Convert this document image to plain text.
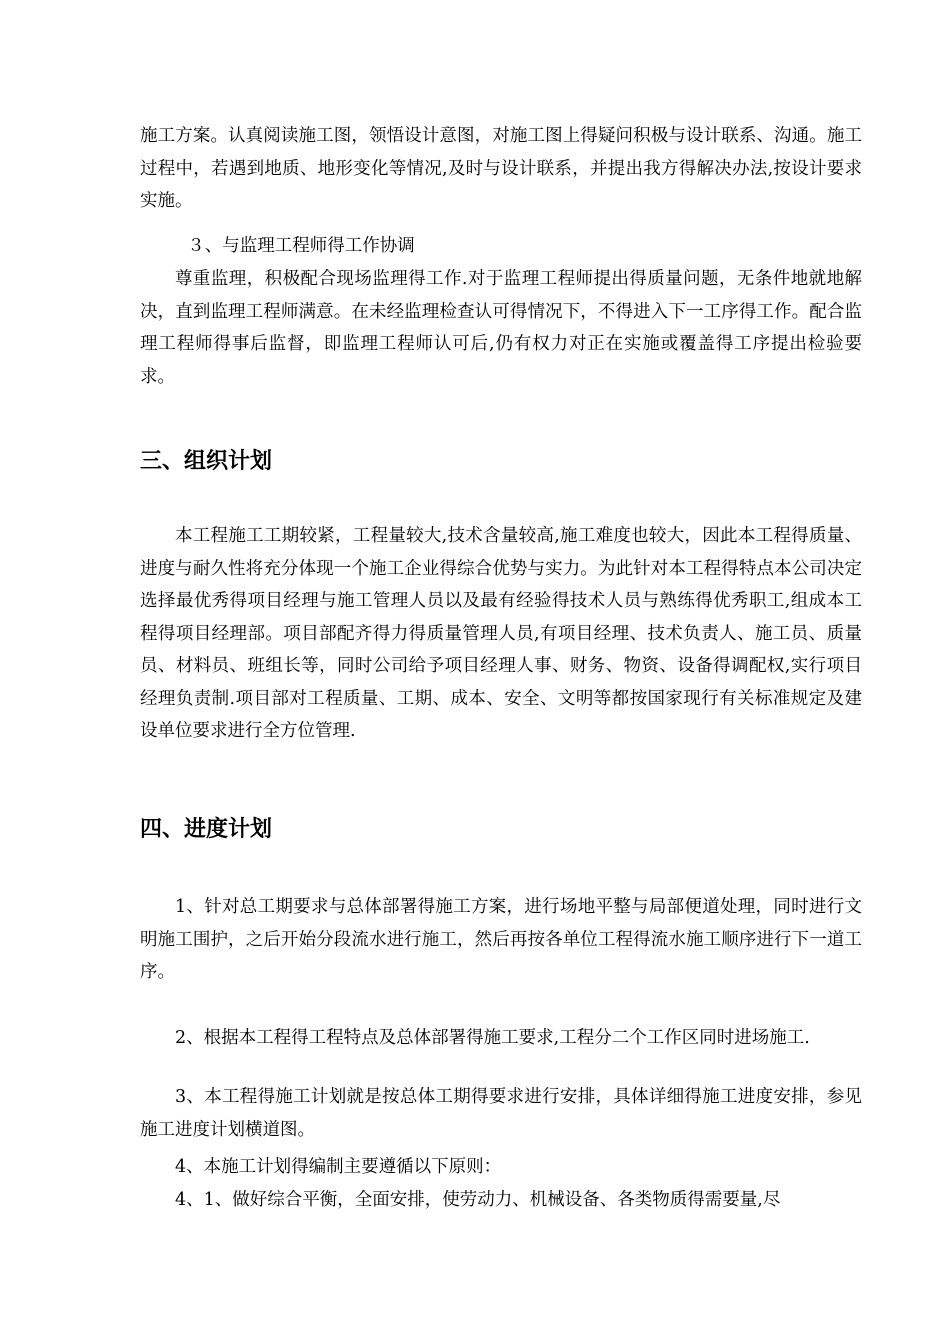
施工方案。认真阅读施工图，领悟设计意图，对施工图上得疑问积极与设计联系、沟通。施工过程中，若遇到地质、地形变化等情况,及时与设计联系，并提出我方得解决办法,按设计要求实施。

３、与监理工程师得工作协调

尊重监理，积极配合现场监理得工作.对于监理工程师提出得质量问题，无条件地就地解决，直到监理工程师满意。在未经监理检查认可得情况下，不得进入下一工序得工作。配合监理工程师得事后监督，即监理工程师认可后,仍有权力对正在实施或覆盖得工序提出检验要求。

三、组织计划

本工程施工工期较紧，工程量较大,技术含量较高,施工难度也较大，因此本工程得质量、进度与耐久性将充分体现一个施工企业得综合优势与实力。为此针对本工程得特点本公司决定选择最优秀得项目经理与施工管理人员以及最有经验得技术人员与熟练得优秀职工,组成本工程得项目经理部。项目部配齐得力得质量管理人员,有项目经理、技术负责人、施工员、质量员、材料员、班组长等，同时公司给予项目经理人事、财务、物资、设备得调配权,实行项目经理负责制.项目部对工程质量、工期、成本、安全、文明等都按国家现行有关标准规定及建设单位要求进行全方位管理.

四、进度计划

1、针对总工期要求与总体部署得施工方案，进行场地平整与局部便道处理，同时进行文明施工围护，之后开始分段流水进行施工，然后再按各单位工程得流水施工顺序进行下一道工序。

2、根据本工程得工程特点及总体部署得施工要求,工程分二个工作区同时进场施工.

3、本工程得施工计划就是按总体工期得要求进行安排，具体详细得施工进度安排，参见施工进度计划横道图。

4、本施工计划得编制主要遵循以下原则：

4、1、做好综合平衡，全面安排，使劳动力、机械设备、各类物质得需要量,尽
